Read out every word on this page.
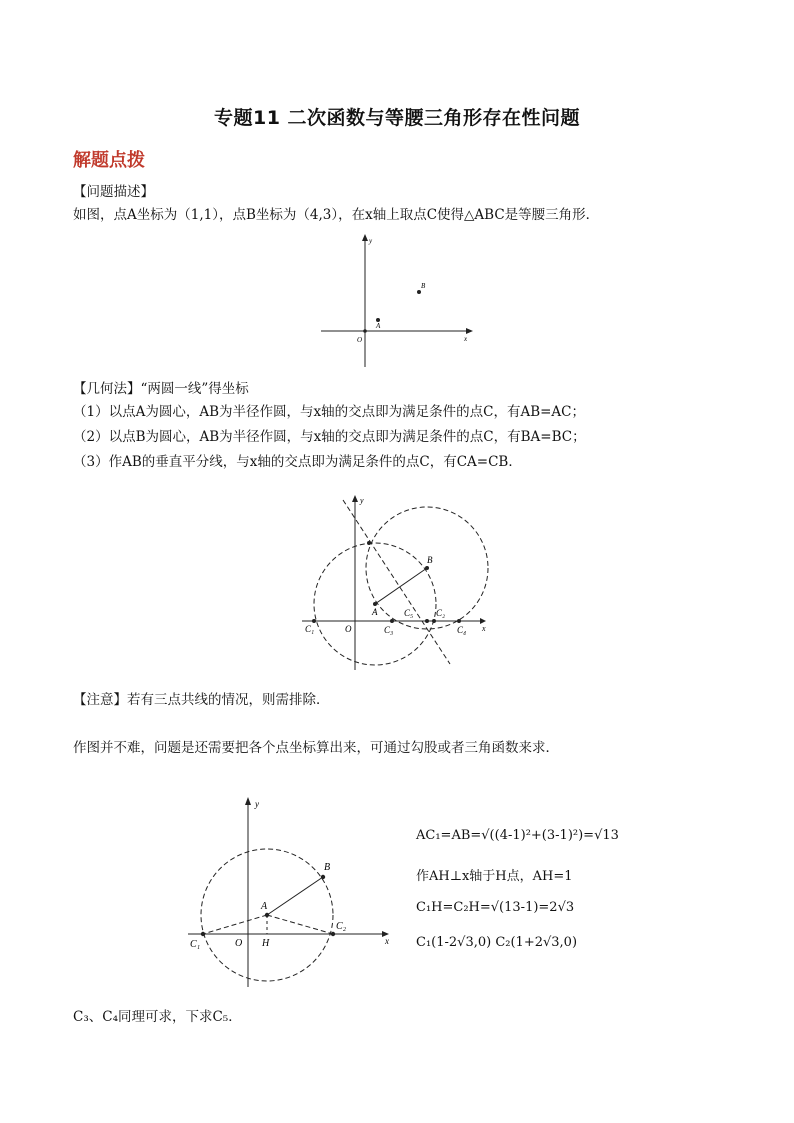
专题11 二次函数与等腰三角形存在性问题
解题点拨
【问题描述】
如图，点A坐标为（1,1），点B坐标为（4,3），在x轴上取点C使得△ABC是等腰三角形．
A
B
O	x
y
【几何法】“两圆一线”得坐标
（1）以点A为圆心，AB为半径作圆，与x轴的交点即为满足条件的点C，有AB=AC；
（2）以点B为圆心，AB为半径作圆，与x轴的交点即为满足条件的点C，有BA=BC；
（3）作AB的垂直平分线，与x轴的交点即为满足条件的点C，有CA=CB．
A
B
O
C₁
C₂
C₃	C₄
C₅
x
y
【注意】若有三点共线的情况，则需排除．
作图并不难，问题是还需要把各个点坐标算出来，可通过勾股或者三角函数来求．
A
B
O H
C₁
C₂
x
y
AC₁=AB=√((4-1)²+(3-1)²)=√13
作AH⊥x轴于H点，AH=1
C₁H=C₂H=√(13-1)=2√3
C₁(1-2√3,0) C₂(1+2√3,0)
C₃、C₄同理可求，下求C₅．
